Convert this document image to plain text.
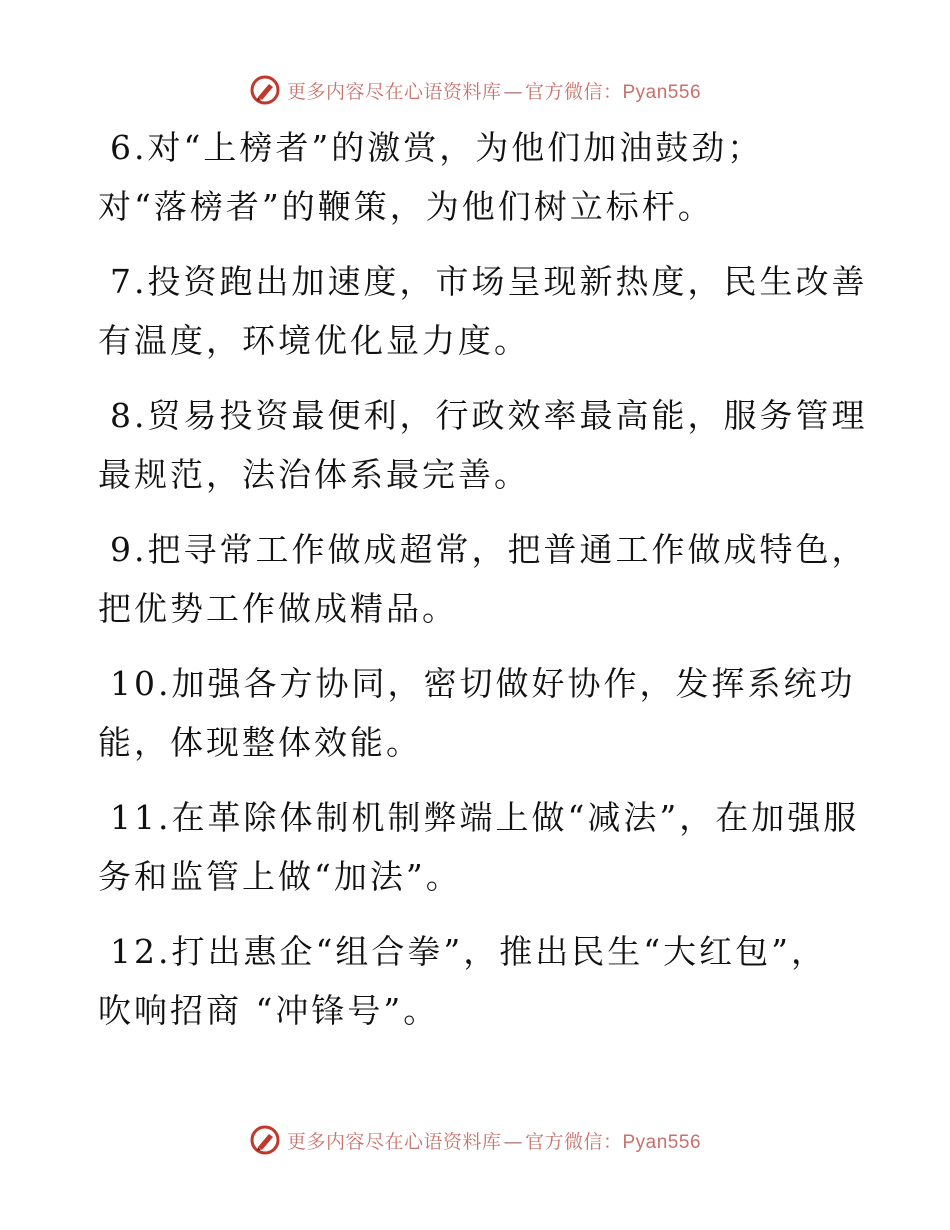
更多内容尽在心语资料库 — 官方微信：Pyan556
6.对“上榜者”的激赏，为他们加油鼓劲；
对“落榜者”的鞭策，为他们树立标杆。
7.投资跑出加速度，市场呈现新热度，民生改善
有温度，环境优化显力度。
8.贸易投资最便利，行政效率最高能，服务管理
最规范，法治体系最完善。
9.把寻常工作做成超常，把普通工作做成特色，
把优势工作做成精品。
10.加强各方协同，密切做好协作，发挥系统功
能，体现整体效能。
11.在革除体制机制弊端上做“减法”，在加强服
务和监管上做“加法”。
12.打出惠企“组合拳”，推出民生“大红包”，
吹响招商 “冲锋号”。
更多内容尽在心语资料库 — 官方微信：Pyan556
